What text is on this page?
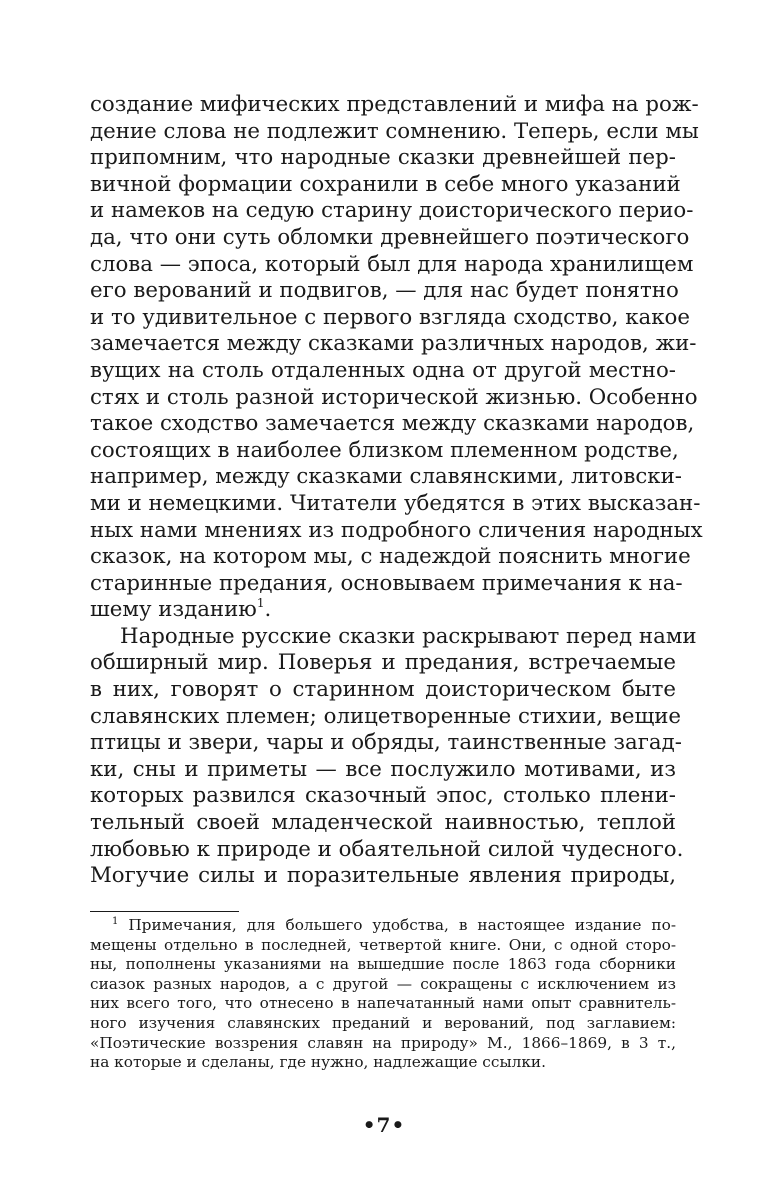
создание мифических представлений и мифа на рож-
дение слова не подлежит сомнению. Теперь, если мы
припомним, что народные сказки древнейшей пер-
вичной формации сохранили в себе много указаний
и намеков на седую старину доисторического перио-
да, что они суть обломки древнейшего поэтического
слова — эпоса, который был для народа хранилищем
его верований и подвигов, — для нас будет понятно
и то удивительное с первого взгляда сходство, какое
замечается между сказками различных народов, жи-
вущих на столь отдаленных одна от другой местно-
стях и столь разной исторической жизнью. Особенно
такое сходство замечается между сказками народов,
состоящих в наиболее близком племенном родстве,
например, между сказками славянскими, литовски-
ми и немецкими. Читатели убедятся в этих высказан-
ных нами мнениях из подробного сличения народных
сказок, на котором мы, с надеждой пояснить многие
старинные предания, основываем примечания к на-
шему изданию$^1$.
Народные русские сказки раскрывают перед нами
обширный мир. Поверья и предания, встречаемые
в них, говорят о старинном доисторическом быте
славянских племен; олицетворенные стихии, вещие
птицы и звери, чары и обряды, таинственные загад-
ки, сны и приметы — все послужило мотивами, из
которых развился сказочный эпос, столько плени-
тельный своей младенческой наивностью, теплой
любовью к природе и обаятельной силой чудесного.
Могучие силы и поразительные явления природы,
$^1$ Примечания, для большего удобства, в настоящее издание по-
мещены отдельно в последней, четвертой книге. Они, с одной сторо-
ны, пополнены указаниями на вышедшие после 1863 года сборники
сиазок разных народов, а с другой — сокращены с исключением из
них всего того, что отнесено в напечатанный нами опыт сравнитель-
ного изучения славянских преданий и верований, под заглавием:
«Поэтические воззрения славян на природу» М., 1866–1869, в 3 т.,
на которые и сделаны, где нужно, надлежащие ссылки.
•7•
